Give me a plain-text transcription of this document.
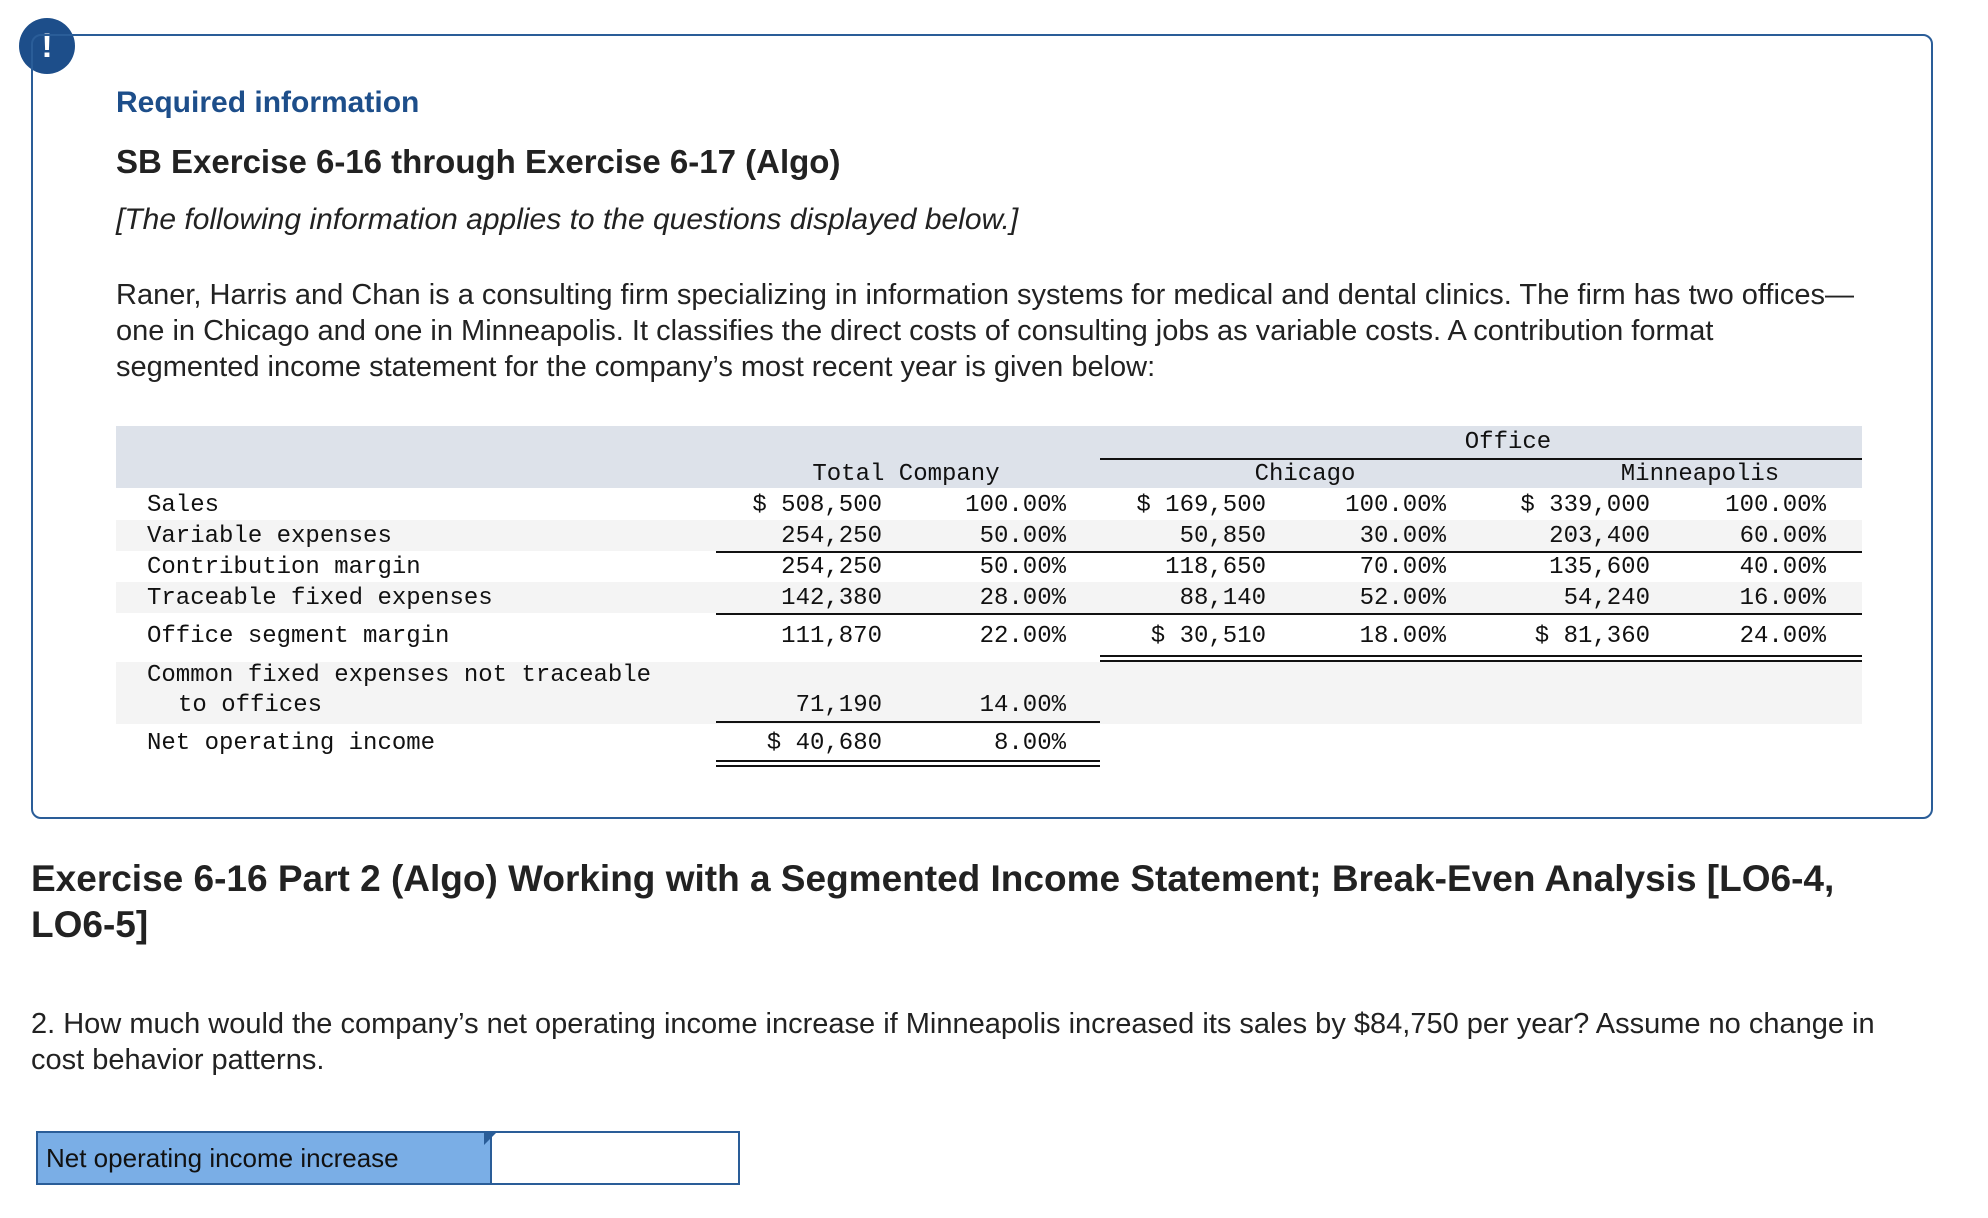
!

Required information

SB Exercise 6-16 through Exercise 6-17 (Algo)

[The following information applies to the questions displayed below.]

Raner, Harris and Chan is a consulting firm specializing in information systems for medical and dental clinics. The firm has two offices—one in Chicago and one in Minneapolis. It classifies the direct costs of consulting jobs as variable costs. A contribution format segmented income statement for the company’s most recent year is given below:

Office
Total Company	Chicago	Minneapolis
Sales	$ 508,500	100.00%	$ 169,500	100.00%	$ 339,000	100.00%
Variable expenses	254,250	50.00%	50,850	30.00%	203,400	60.00%
Contribution margin	254,250	50.00%	118,650	70.00%	135,600	40.00%
Traceable fixed expenses	142,380	28.00%	88,140	52.00%	54,240	16.00%
Office segment margin	111,870	22.00%	$ 30,510	18.00%	$ 81,360	24.00%
Common fixed expenses not traceable
to offices	71,190	14.00%
Net operating income	$ 40,680	8.00%

Exercise 6-16 Part 2 (Algo) Working with a Segmented Income Statement; Break-Even Analysis [LO6-4, LO6-5]

2. How much would the company’s net operating income increase if Minneapolis increased its sales by $84,750 per year? Assume no change in cost behavior patterns.

Net operating income increase
